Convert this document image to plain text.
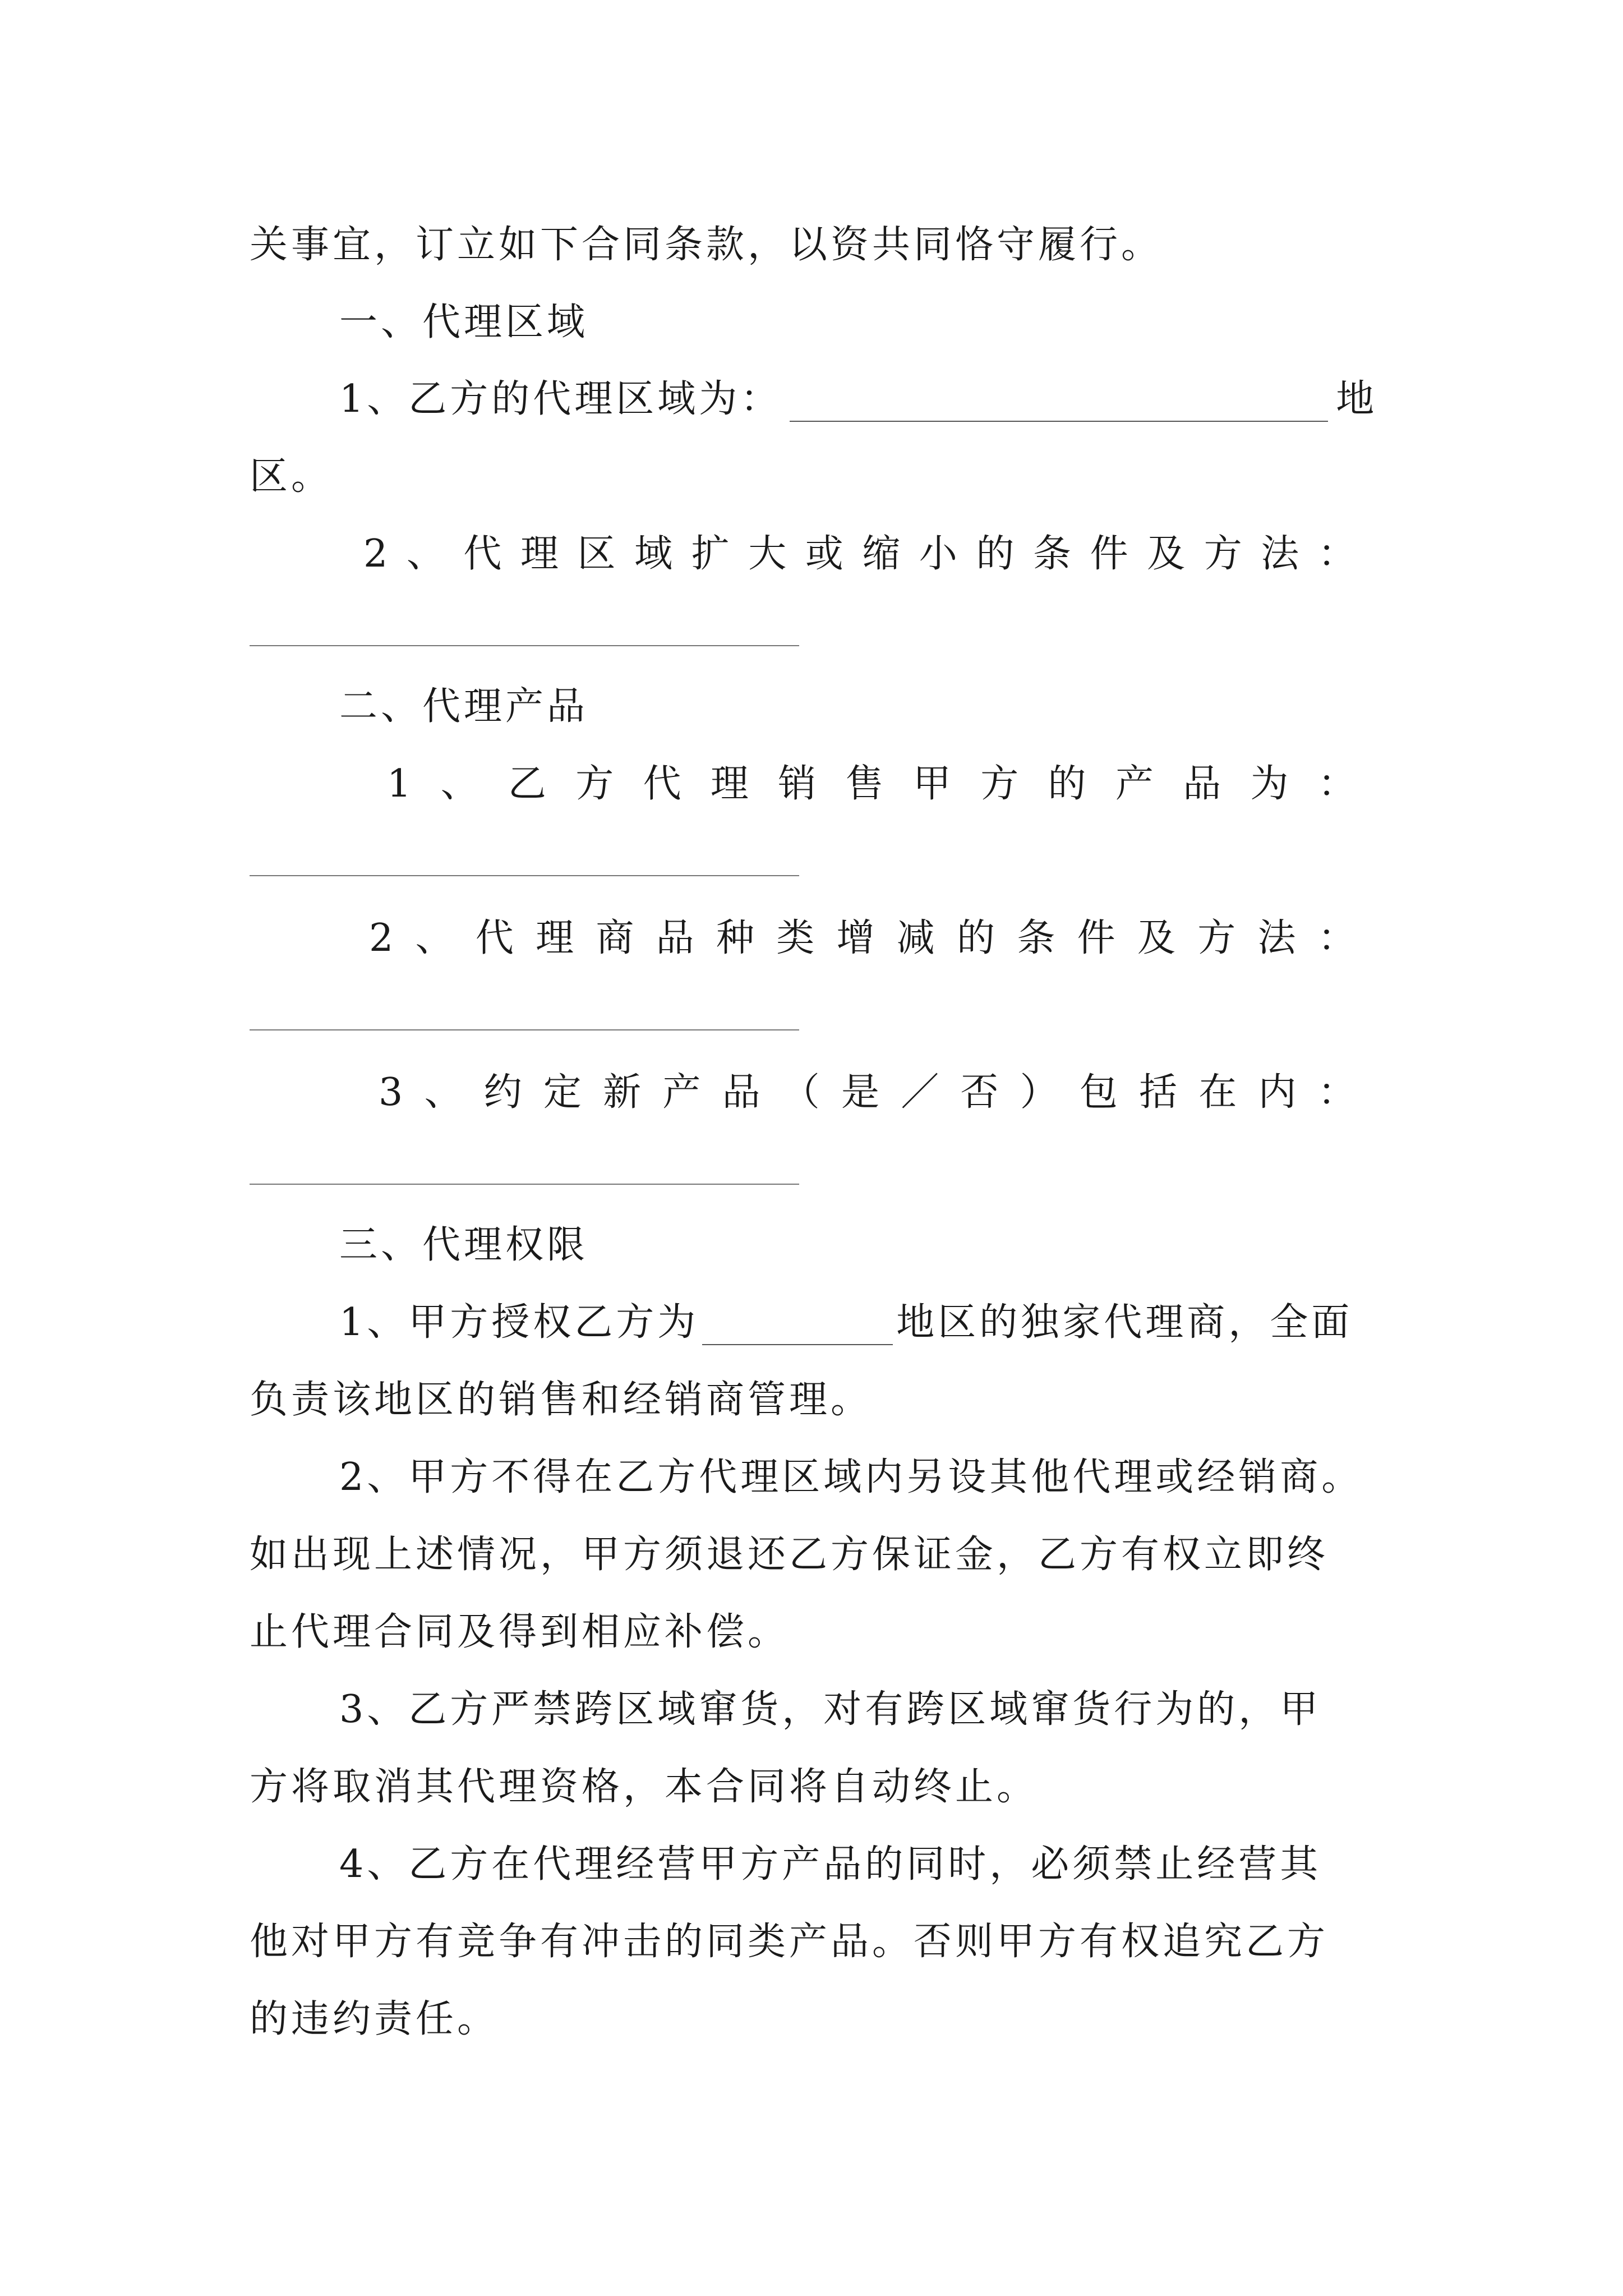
关事宜，订立如下合同条款，以资共同恪守履行。
一、代理区域
1、乙方的代理区域为：	地
区。
2 、 代 理 区 域 扩 大 或 缩 小 的 条 件 及 方 法 ：
二、代理产品
1 、 乙 方 代 理 销 售 甲 方 的 产 品 为 ：
2 、 代 理 商 品 种 类 增 减 的 条 件 及 方 法 ：
3 、 约 定 新 产 品 （ 是 ／ 否 ） 包 括 在 内 ：
三、代理权限
1、甲方授权乙方为	地区的独家代理商，全面
负责该地区的销售和经销商管理。
2、甲方不得在乙方代理区域内另设其他代理或经销商。
如出现上述情况，甲方须退还乙方保证金，乙方有权立即终
止代理合同及得到相应补偿。
3、乙方严禁跨区域窜货，对有跨区域窜货行为的，甲
方将取消其代理资格，本合同将自动终止。
4、乙方在代理经营甲方产品的同时，必须禁止经营其
他对甲方有竞争有冲击的同类产品。否则甲方有权追究乙方
的违约责任。
